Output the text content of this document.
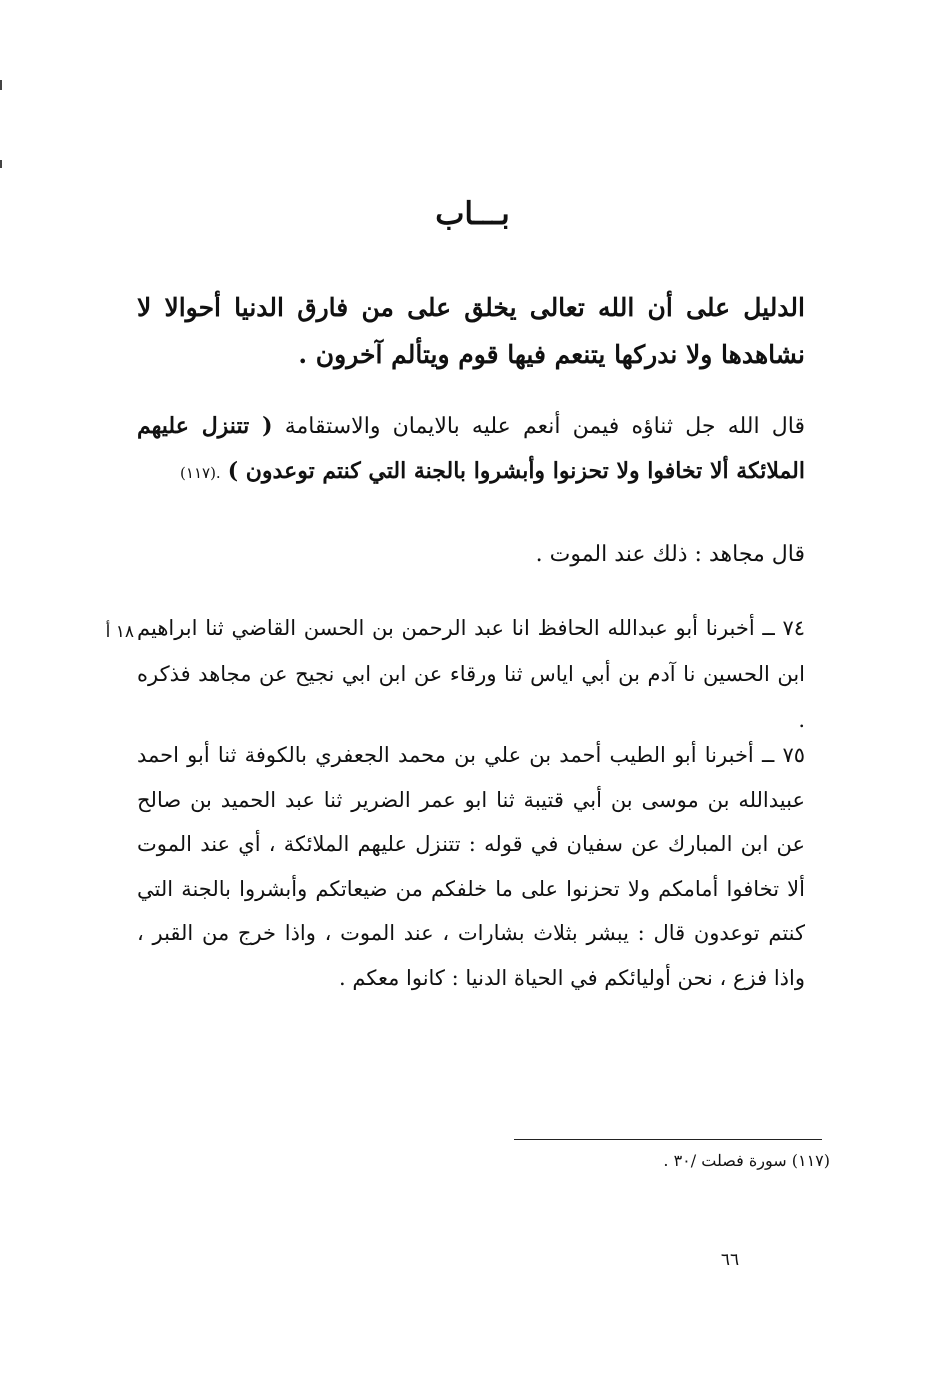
بـــاب
الدليل على أن الله تعالى يخلق على من فارق الدنيا أحوالا لا نشاهدها ولا ندركها يتنعم فيها قوم ويتألم آخرون .
قال الله جل ثناؤه فيمن أنعم عليه بالايمان والاستقامة ( تتنزل عليهم الملائكة ألا تخافوا ولا تحزنوا وأبشروا بالجنة التي كنتم توعدون ) .(١١٧)
قال مجاهد : ذلك عند الموت .
٧٤ ــ أخبرنا أبو عبدالله الحافظ انا عبد الرحمن بن الحسن القاضي ثنا ابراهيم ابن الحسين نا آدم بن أبي اياس ثنا ورقاء عن ابن ابي نجيح عن مجاهد فذكره .
١٨ أ
٧٥ ــ أخبرنا أبو الطيب أحمد بن علي بن محمد الجعفري بالكوفة ثنا أبو احمد عبيدالله بن موسى بن أبي قتيبة ثنا ابو عمر الضرير ثنا عبد الحميد بن صالح عن ابن المبارك عن سفيان في قوله : تتنزل عليهم الملائكة ، أي عند الموت ألا تخافوا أمامكم ولا تحزنوا على ما خلفكم من ضيعاتكم وأبشروا بالجنة التي كنتم توعدون قال : يبشر بثلاث بشارات ، عند الموت ، واذا خرج من القبر ، واذا فزع ، نحن أوليائكم في الحياة الدنيا : كانوا معكم .
(١١٧) سورة فصلت /٣٠ .
٦٦
